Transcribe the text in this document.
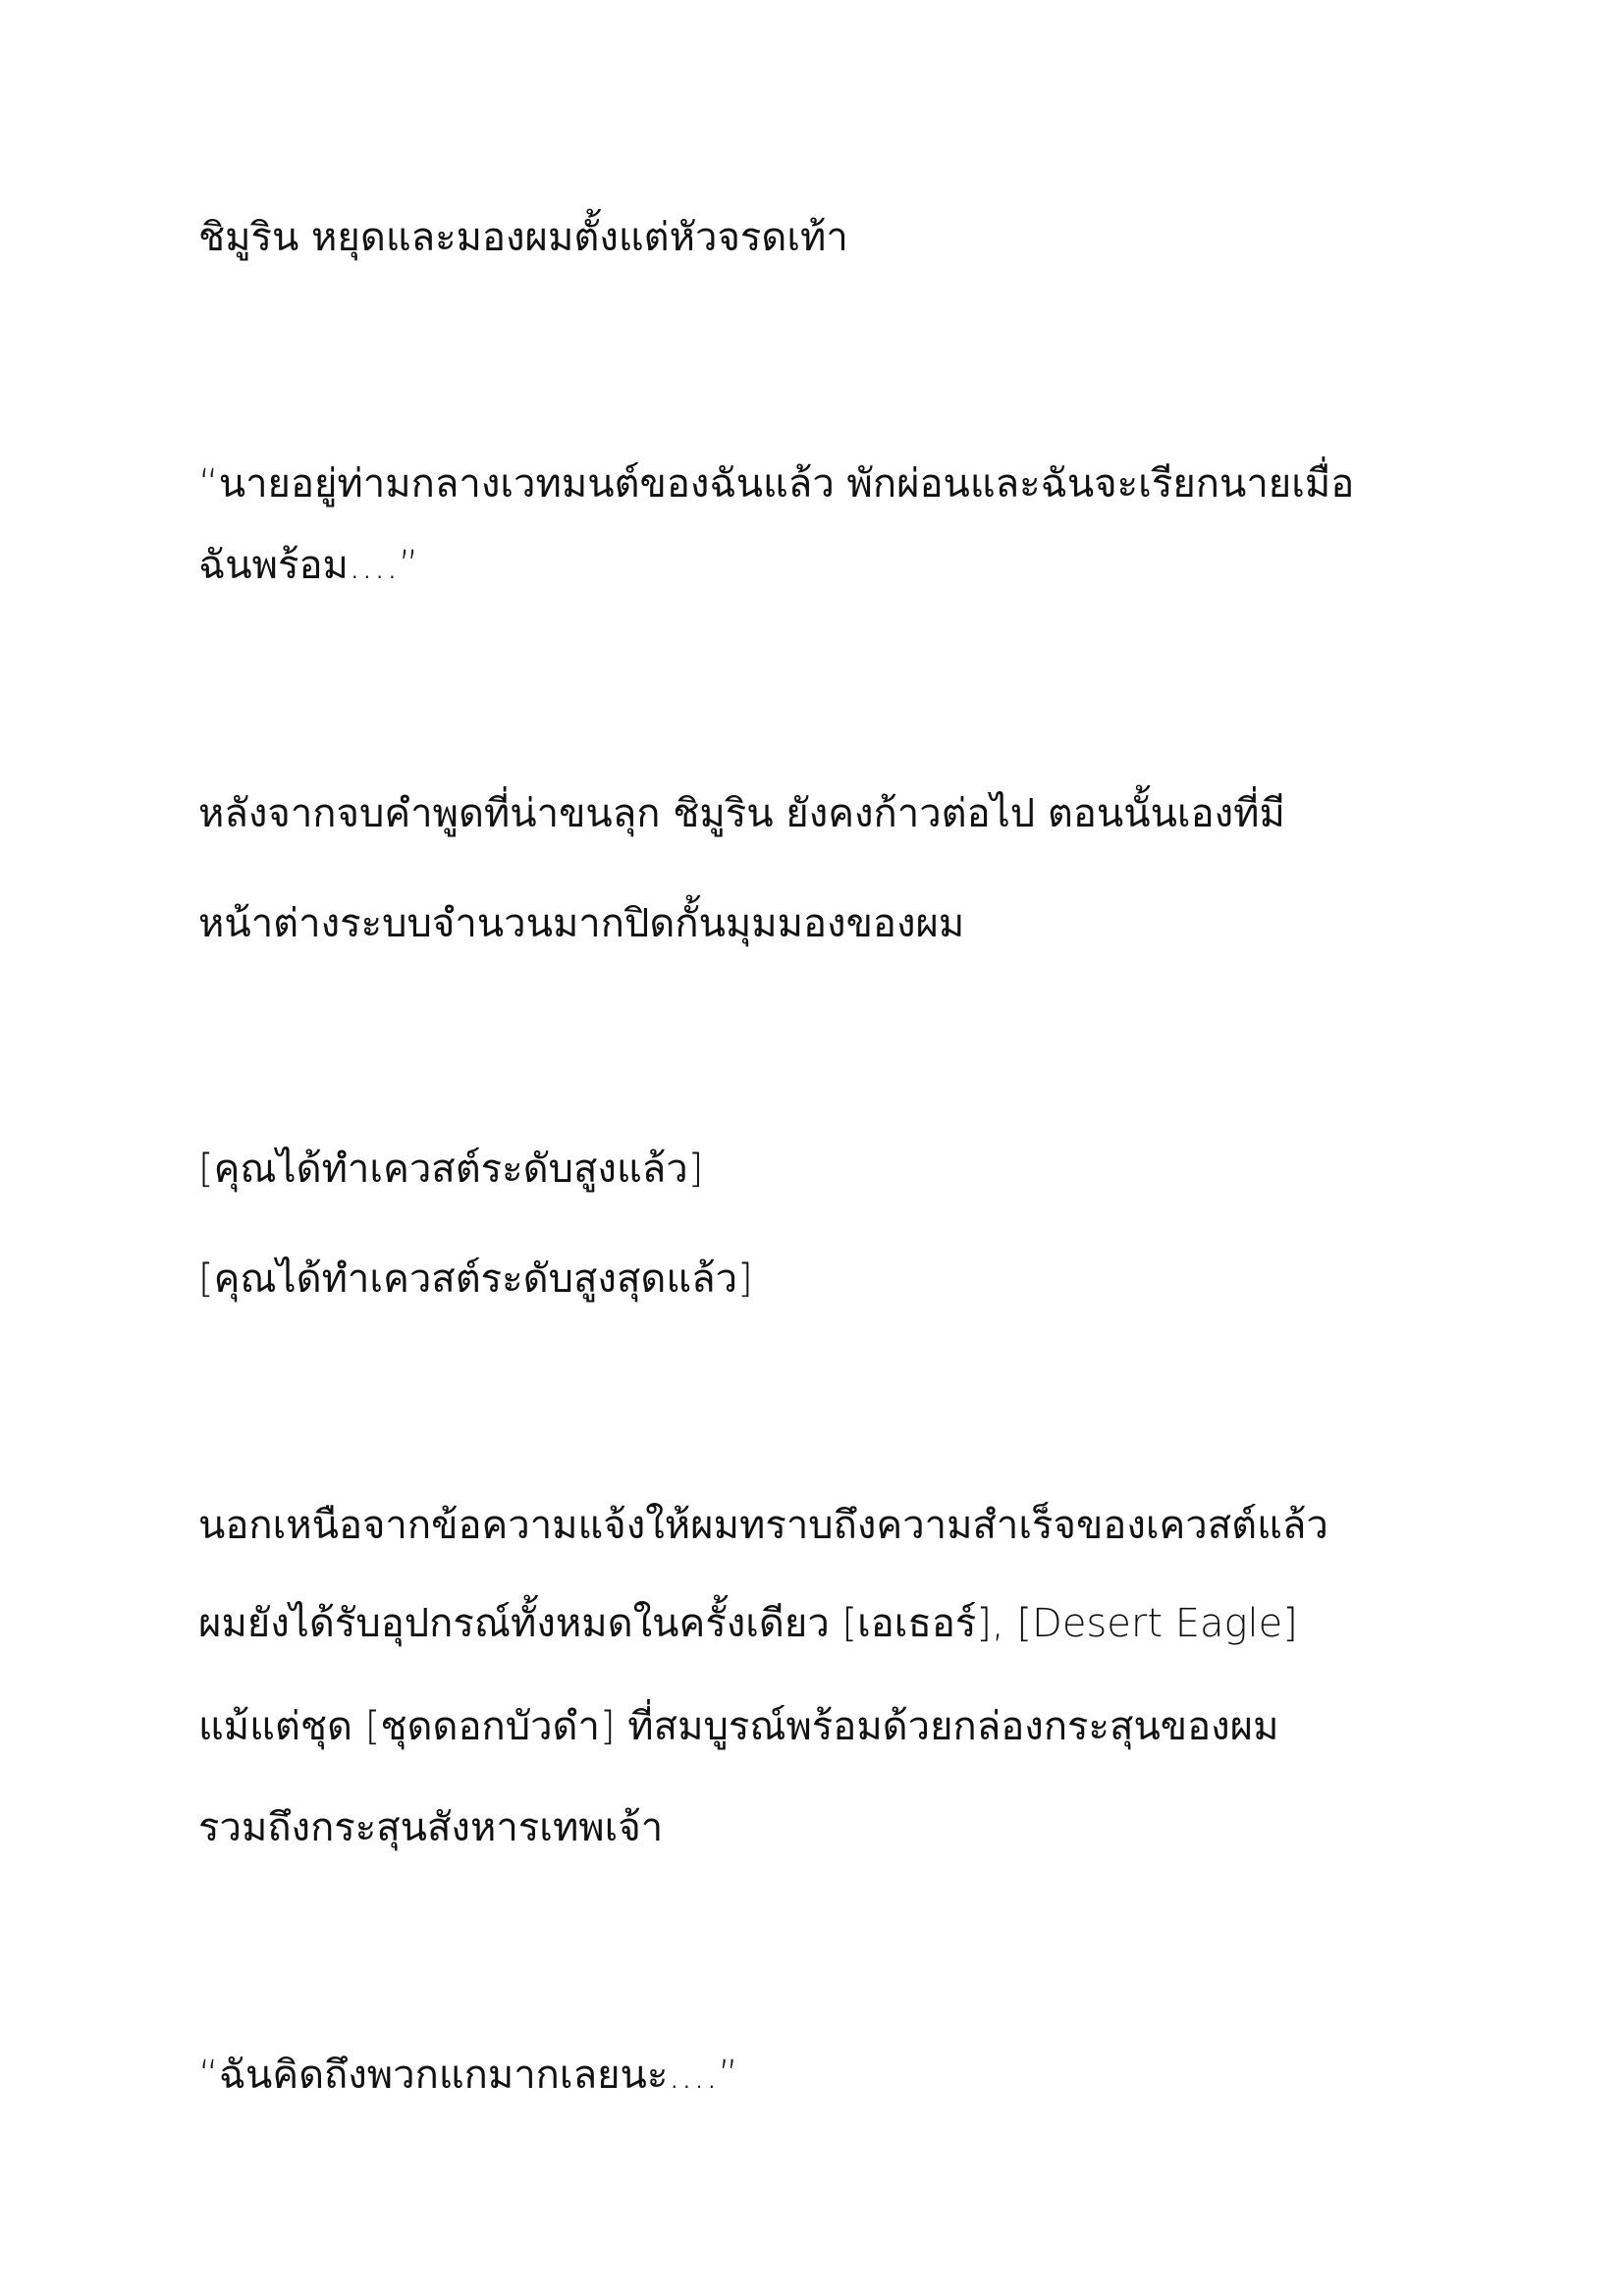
ชิมูริน หยุดและมองผมตั้งแต่หัวจรดเท้า

“นายอยู่ท่ามกลางเวทมนต์ของฉันแล้ว พักผ่อนและฉันจะเรียกนายเมื่อ

ฉันพร้อม....”

หลังจากจบคำพูดที่น่าขนลุก ชิมูริน ยังคงก้าวต่อไป ตอนนั้นเองที่มี

หน้าต่างระบบจำนวนมากปิดกั้นมุมมองของผม

[คุณได้ทำเควสต์ระดับสูงแล้ว]

[คุณได้ทำเควสต์ระดับสูงสุดแล้ว]

นอกเหนือจากข้อความแจ้งให้ผมทราบถึงความสำเร็จของเควสต์แล้ว

ผมยังได้รับอุปกรณ์ทั้งหมดในครั้งเดียว [เอเธอร์], [Desert Eagle]

แม้แต่ชุด [ชุดดอกบัวดำ] ที่สมบูรณ์พร้อมด้วยกล่องกระสุนของผม

รวมถึงกระสุนสังหารเทพเจ้า

“ฉันคิดถึงพวกแกมากเลยนะ....”
